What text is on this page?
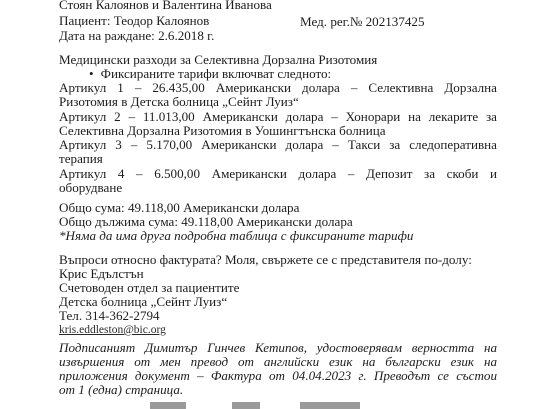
Стоян Калоянов и Валентина Иванова
Пациент: Теодор Калоянов	Мед. рег.№ 202137425
Дата на раждане: 2.6.2018 г.
Медицински разходи за Селективна Дорзална Ризотомия
• Фиксираните тарифи включват следното:
Артикул 1 – 26.435,00 Американски долара – Селективна Дорзална
Ризотомия в Детска болница „Сейнт Луиз“
Артикул 2 – 11.013,00 Американски долара – Хонорари на лекарите за
Селективна Дорзална Ризотомия в Уошингтънска болница
Артикул 3 – 5.170,00 Американски долара – Такси за следоперативна
терапия
Артикул 4 – 6.500,00 Американски долара – Депозит за скоби и
оборудване
Общо сума: 49.118,00 Американски долара
Общо дължима сума: 49.118,00 Американски долара
*Няма да има друга подробна таблица с фиксираните тарифи
Въпроси относно фактурата? Моля, свържете се с представителя по-долу:
Крис Едълстън
Счетоводен отдел за пациентите
Детска болница „Сейнт Луиз“
Тел. 314-362-2794
kris.eddleston@bic.org
Подписаният Димитър Гинчев Кетипов, удостоверявам верността на
извършения от мен превод от английски език на български език на
приложения документ – Фактура от 04.04.2023 г. Преводът се състои
от 1 (една) страница.
